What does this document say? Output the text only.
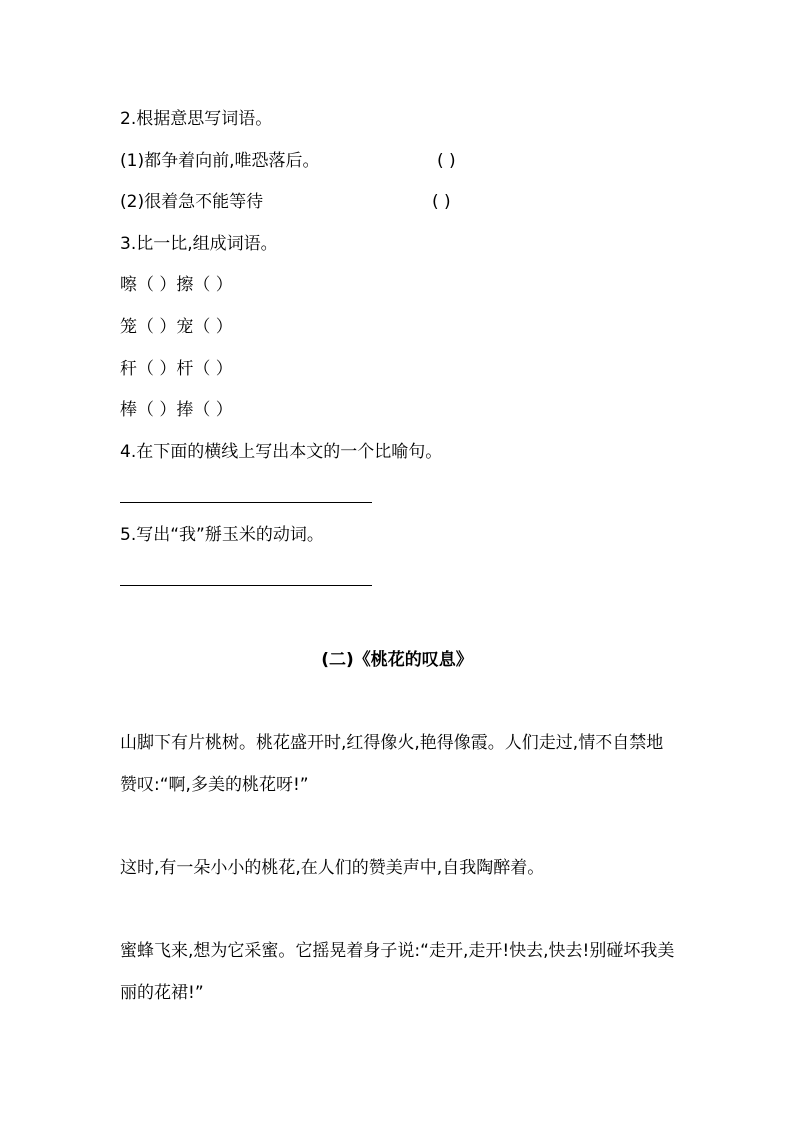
2.根据意思写词语。
(1)都争着向前,唯恐落后。	( )
(2)很着急不能等待	( )
3.比一比,组成词语。
嚓（ ）擦（ ）
笼（ ）宠（ ）
秆（ ）杆（ ）
棒（ ）捧（ ）
4.在下面的横线上写出本文的一个比喻句。
5.写出“我”掰玉米的动词。
(二)《桃花的叹息》
山脚下有片桃树。桃花盛开时,红得像火,艳得像霞。人们走过,情不自禁地赞叹:“啊,多美的桃花呀!”
这时,有一朵小小的桃花,在人们的赞美声中,自我陶醉着。
蜜蜂飞来,想为它采蜜。它摇晃着身子说:“走开,走开!快去,快去!别碰坏我美丽的花裙!”
